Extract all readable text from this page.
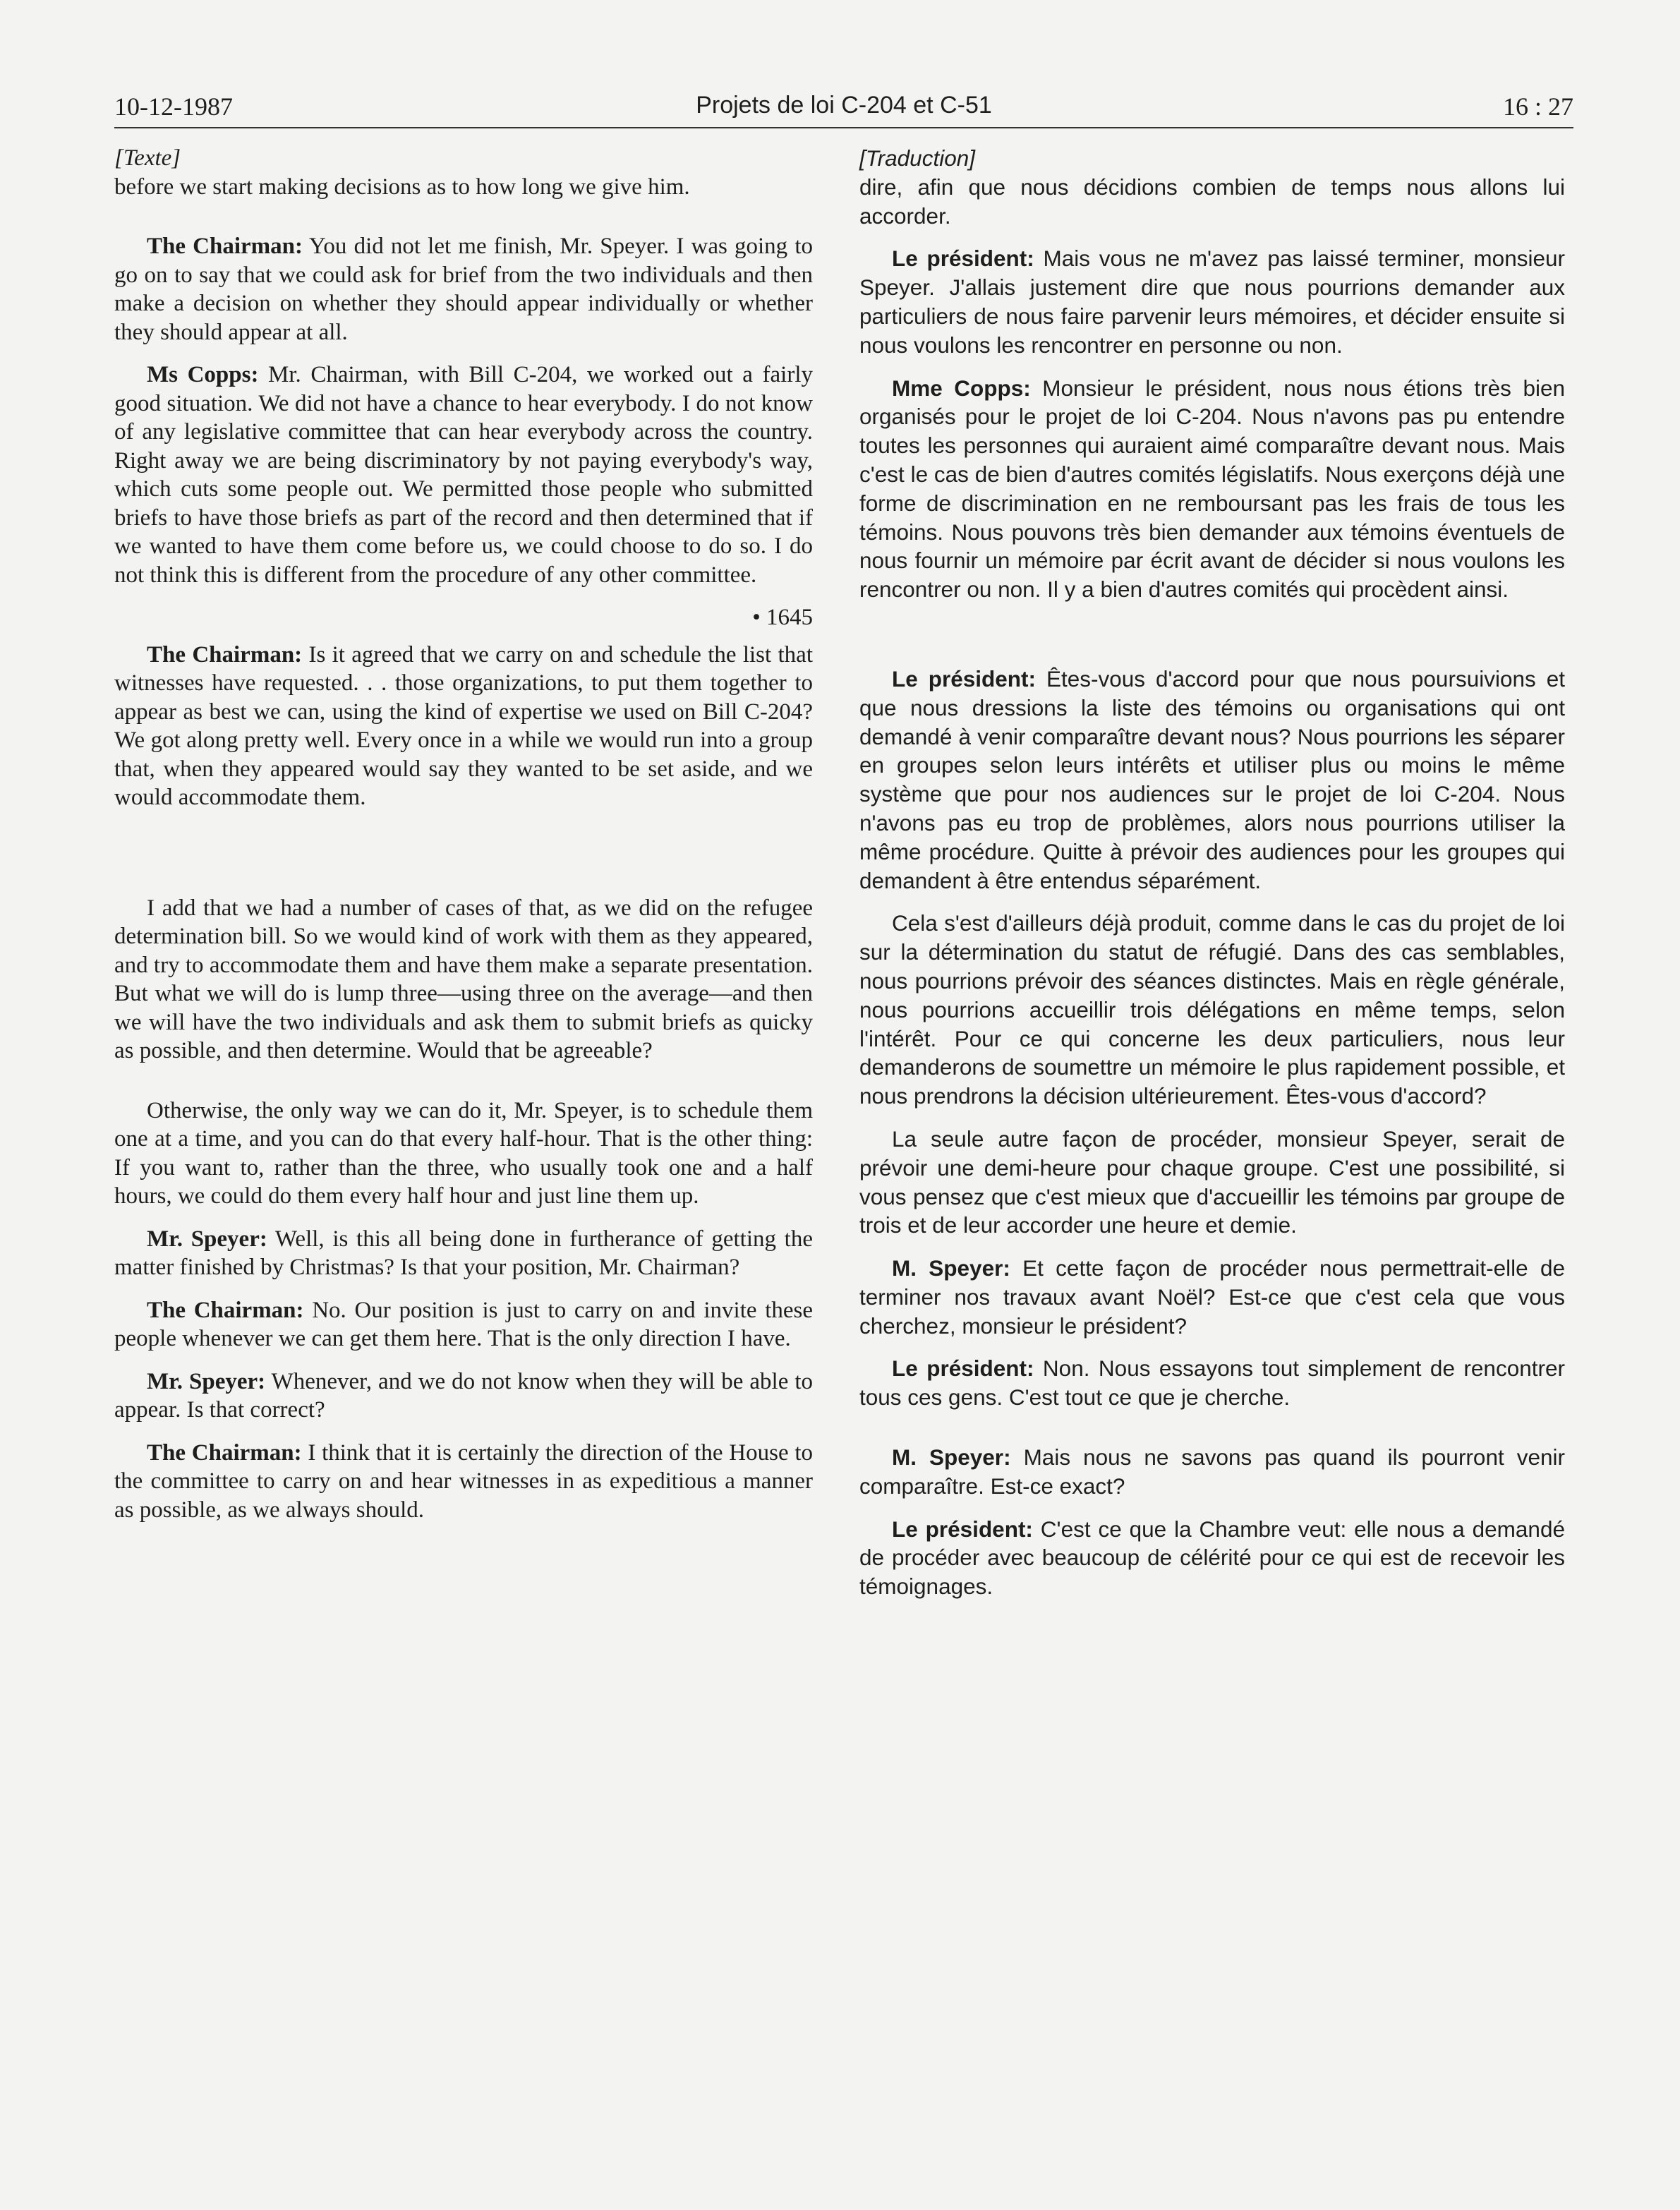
10-12-1987	Projets de loi C-204 et C-51	16 : 27

[Texte]

before we start making decisions as to how long we give him.

The Chairman: You did not let me finish, Mr. Speyer. I was going to go on to say that we could ask for brief from the two individuals and then make a decision on whether they should appear individually or whether they should appear at all.

Ms Copps: Mr. Chairman, with Bill C-204, we worked out a fairly good situation. We did not have a chance to hear everybody. I do not know of any legislative committee that can hear everybody across the country. Right away we are being discriminatory by not paying everybody's way, which cuts some people out. We permitted those people who submitted briefs to have those briefs as part of the record and then determined that if we wanted to have them come before us, we could choose to do so. I do not think this is different from the procedure of any other committee.

• 1645

The Chairman: Is it agreed that we carry on and schedule the list that witnesses have requested. . . those organizations, to put them together to appear as best we can, using the kind of expertise we used on Bill C-204? We got along pretty well. Every once in a while we would run into a group that, when they appeared would say they wanted to be set aside, and we would accommodate them.

I add that we had a number of cases of that, as we did on the refugee determination bill. So we would kind of work with them as they appeared, and try to accommodate them and have them make a separate presentation. But what we will do is lump three—using three on the average—and then we will have the two individuals and ask them to submit briefs as quicky as possible, and then determine. Would that be agreeable?

Otherwise, the only way we can do it, Mr. Speyer, is to schedule them one at a time, and you can do that every half-hour. That is the other thing: If you want to, rather than the three, who usually took one and a half hours, we could do them every half hour and just line them up.

Mr. Speyer: Well, is this all being done in furtherance of getting the matter finished by Christmas? Is that your position, Mr. Chairman?

The Chairman: No. Our position is just to carry on and invite these people whenever we can get them here. That is the only direction I have.

Mr. Speyer: Whenever, and we do not know when they will be able to appear. Is that correct?

The Chairman: I think that it is certainly the direction of the House to the committee to carry on and hear witnesses in as expeditious a manner as possible, as we always should.

[Traduction]

dire, afin que nous décidions combien de temps nous allons lui accorder.

Le président: Mais vous ne m'avez pas laissé terminer, monsieur Speyer. J'allais justement dire que nous pourrions demander aux particuliers de nous faire parvenir leurs mémoires, et décider ensuite si nous voulons les rencontrer en personne ou non.

Mme Copps: Monsieur le président, nous nous étions très bien organisés pour le projet de loi C-204. Nous n'avons pas pu entendre toutes les personnes qui auraient aimé comparaître devant nous. Mais c'est le cas de bien d'autres comités législatifs. Nous exerçons déjà une forme de discrimination en ne remboursant pas les frais de tous les témoins. Nous pouvons très bien demander aux témoins éventuels de nous fournir un mémoire par écrit avant de décider si nous voulons les rencontrer ou non. Il y a bien d'autres comités qui procèdent ainsi.

Le président: Êtes-vous d'accord pour que nous poursuivions et que nous dressions la liste des témoins ou organisations qui ont demandé à venir comparaître devant nous? Nous pourrions les séparer en groupes selon leurs intérêts et utiliser plus ou moins le même système que pour nos audiences sur le projet de loi C-204. Nous n'avons pas eu trop de problèmes, alors nous pourrions utiliser la même procédure. Quitte à prévoir des audiences pour les groupes qui demandent à être entendus séparément.

Cela s'est d'ailleurs déjà produit, comme dans le cas du projet de loi sur la détermination du statut de réfugié. Dans des cas semblables, nous pourrions prévoir des séances distinctes. Mais en règle générale, nous pourrions accueillir trois délégations en même temps, selon l'intérêt. Pour ce qui concerne les deux particuliers, nous leur demanderons de soumettre un mémoire le plus rapidement possible, et nous prendrons la décision ultérieurement. Êtes-vous d'accord?

La seule autre façon de procéder, monsieur Speyer, serait de prévoir une demi-heure pour chaque groupe. C'est une possibilité, si vous pensez que c'est mieux que d'accueillir les témoins par groupe de trois et de leur accorder une heure et demie.

M. Speyer: Et cette façon de procéder nous permettrait-elle de terminer nos travaux avant Noël? Est-ce que c'est cela que vous cherchez, monsieur le président?

Le président: Non. Nous essayons tout simplement de rencontrer tous ces gens. C'est tout ce que je cherche.

M. Speyer: Mais nous ne savons pas quand ils pourront venir comparaître. Est-ce exact?

Le président: C'est ce que la Chambre veut: elle nous a demandé de procéder avec beaucoup de célérité pour ce qui est de recevoir les témoignages.
